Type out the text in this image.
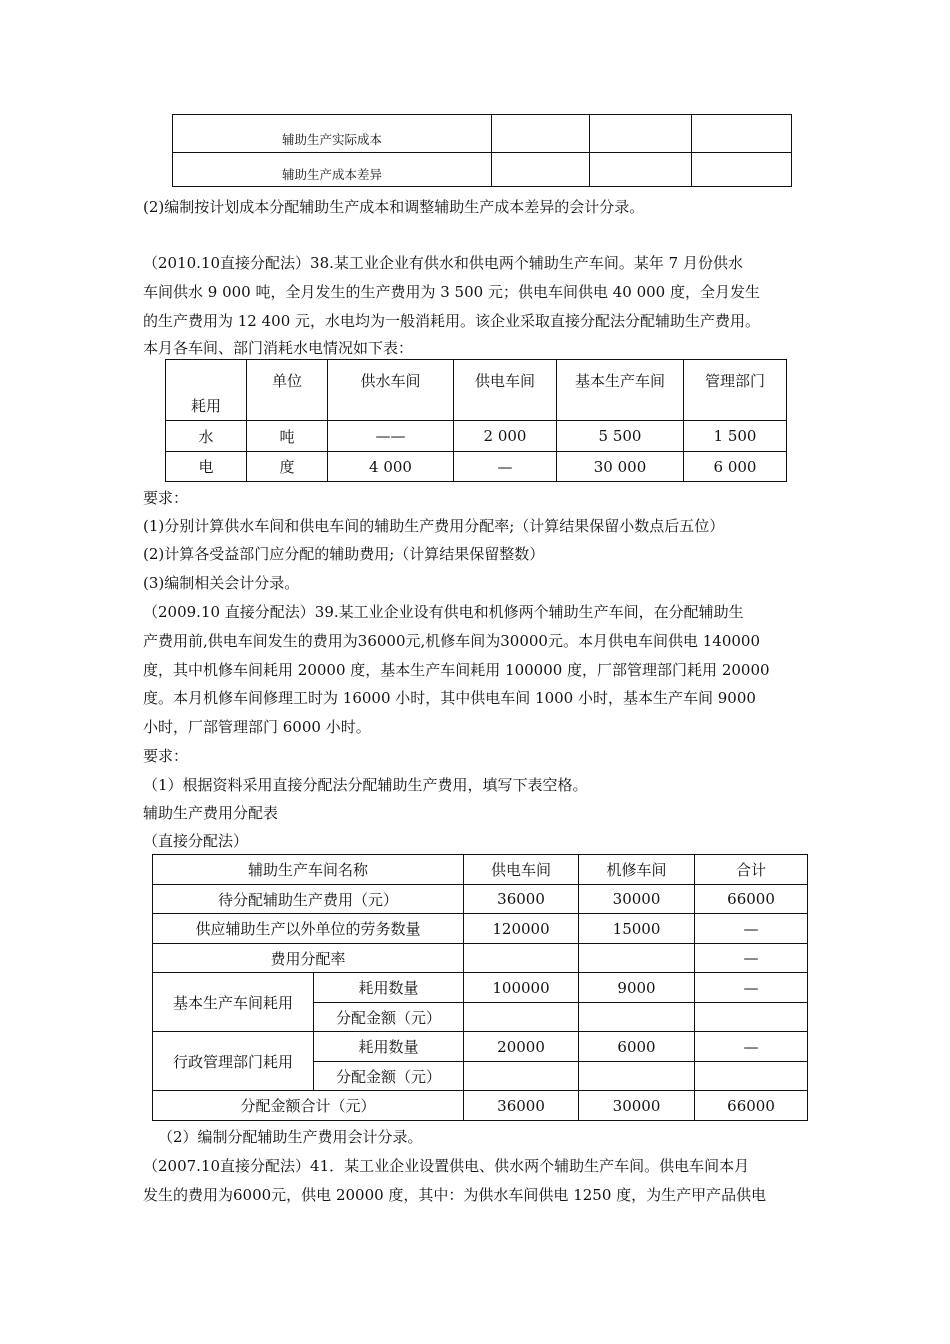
辅助生产实际成本			
辅助生产成本差异			

(2)编制按计划成本分配辅助生产成本和调整辅助生产成本差异的会计分录。

（2010.10直接分配法）38.某工业企业有供水和供电两个辅助生产车间。某年 7 月份供水

车间供水 9 000 吨，全月发生的生产费用为 3 500 元；供电车间供电 40 000 度，全月发生

的生产费用为 12 400 元，水电均为一般消耗用。该企业采取直接分配法分配辅助生产费用。

本月各车间、部门消耗水电情况如下表：

耗用	单位	供水车间	供电车间	基本生产车间	管理部门
水	吨	——	2 000	5 500	1 500
电	度	4 000	—	30 000	6 000

要求：

(1)分别计算供水车间和供电车间的辅助生产费用分配率;（计算结果保留小数点后五位）

(2)计算各受益部门应分配的辅助费用;（计算结果保留整数）

(3)编制相关会计分录。

（2009.10 直接分配法）39.某工业企业设有供电和机修两个辅助生产车间，在分配辅助生

产费用前,供电车间发生的费用为36000元,机修车间为30000元。本月供电车间供电 140000

度，其中机修车间耗用 20000 度，基本生产车间耗用 100000 度，厂部管理部门耗用 20000

度。本月机修车间修理工时为 16000 小时，其中供电车间 1000 小时，基本生产车间 9000

小时，厂部管理部门 6000 小时。

要求：

（1）根据资料采用直接分配法分配辅助生产费用，填写下表空格。

辅助生产费用分配表

（直接分配法）

辅助生产车间名称		供电车间	机修车间	合计
待分配辅助生产费用（元）		36000	30000	66000
供应辅助生产以外单位的劳务数量		120000	15000	—
费用分配率				—
基本生产车间耗用	耗用数量	100000	9000	—
	分配金额（元）			
行政管理部门耗用	耗用数量	20000	6000	—
	分配金额（元）			
分配金额合计（元）		36000	30000	66000

（2）编制分配辅助生产费用会计分录。

（2007.10直接分配法）41．某工业企业设置供电、供水两个辅助生产车间。供电车间本月

发生的费用为6000元，供电 20000 度，其中：为供水车间供电 1250 度，为生产甲产品供电
